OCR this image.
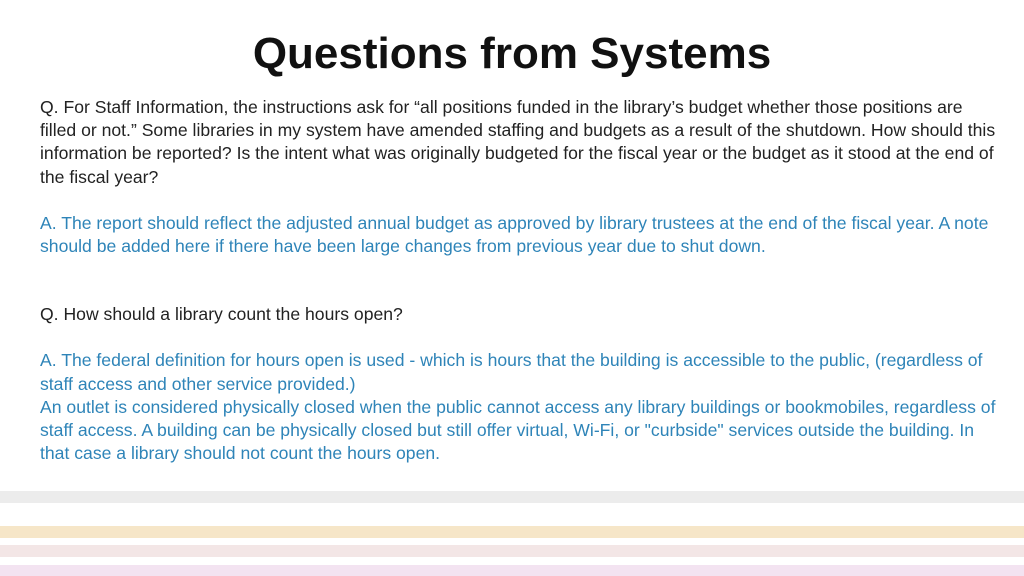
Questions from Systems

Q. For Staff Information, the instructions ask for “all positions funded in the library’s budget whether those positions are filled or not.” Some libraries in my system have amended staffing and budgets as a result of the shutdown. How should this information be reported? Is the intent what was originally budgeted for the fiscal year or the budget as it stood at the end of the fiscal year?

A. The report should reflect the adjusted annual budget as approved by library trustees at the end of the fiscal year. A note should be added here if there have been large changes from previous year due to shut down.

Q. How should a library count the hours open?

A. The federal definition for hours open is used - which is hours that the building is accessible to the public, (regardless of staff access and other service provided.)

An outlet is considered physically closed when the public cannot access any library buildings or bookmobiles, regardless of staff access. A building can be physically closed but still offer virtual, Wi-Fi, or "curbside" services outside the building. In that case a library should not count the hours open.
